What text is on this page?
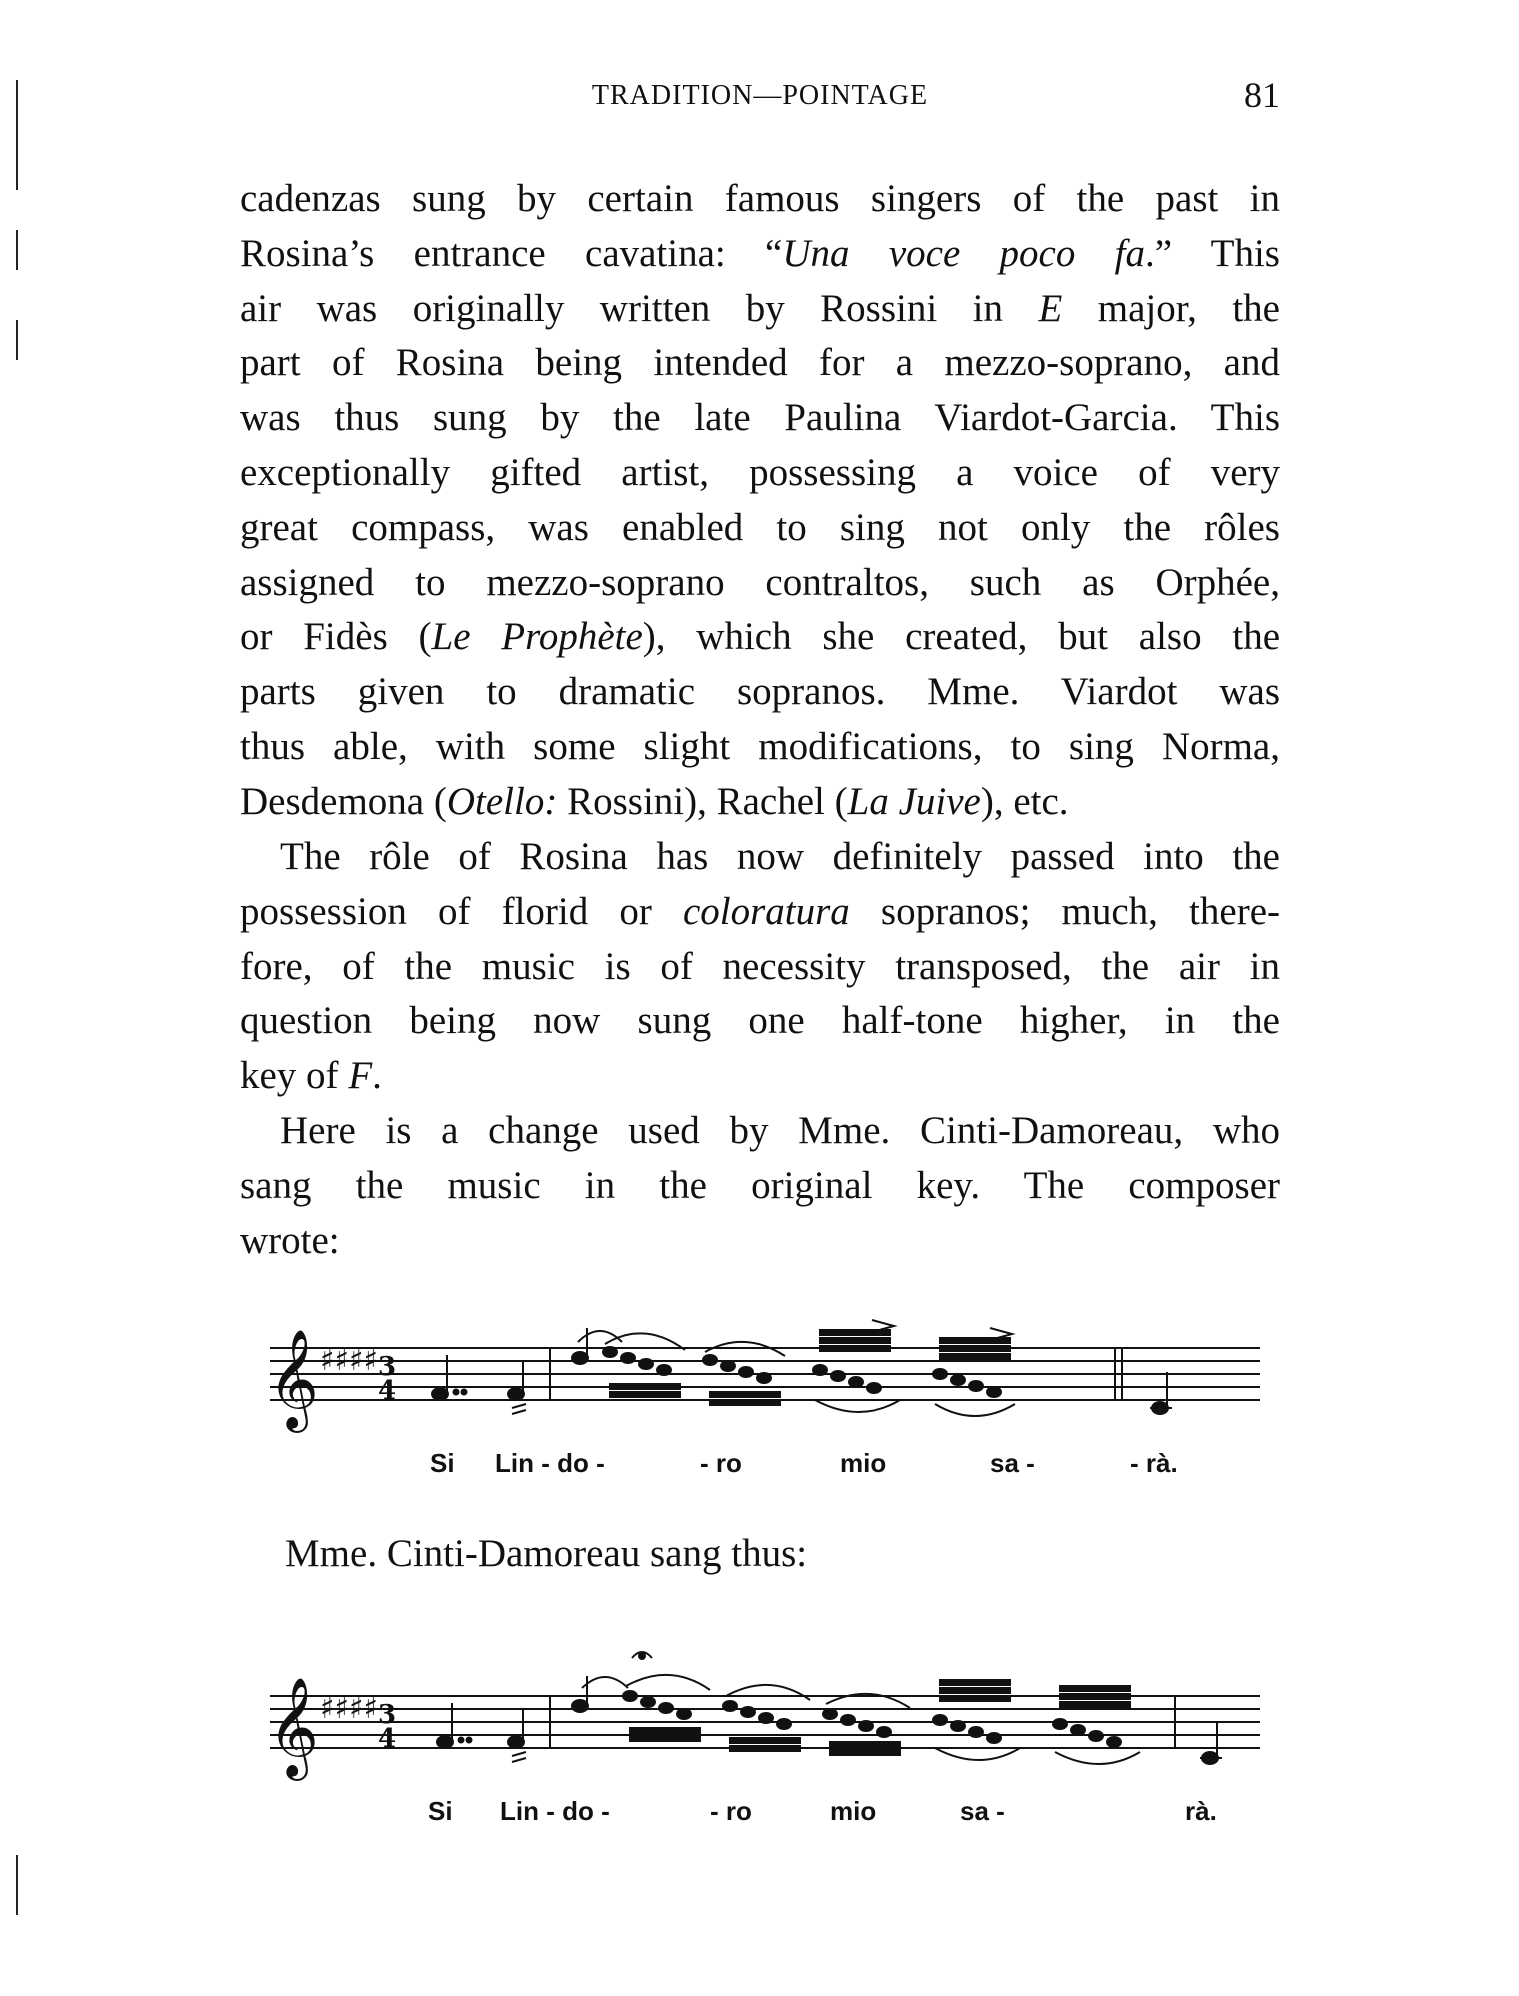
TRADITION—POINTAGE	81
cadenzas sung by certain famous singers of the past in
Rosina’s entrance cavatina: “Una voce poco fa.” This
air was originally written by Rossini in E major, the
part of Rosina being intended for a mezzo-soprano, and
was thus sung by the late Paulina Viardot-Garcia. This
exceptionally gifted artist, possessing a voice of very
great compass, was enabled to sing not only the rôles
assigned to mezzo-soprano contraltos, such as Orphée,
or Fidès (Le Prophète), which she created, but also the
parts given to dramatic sopranos. Mme. Viardot was
thus able, with some slight modifications, to sing Norma,
Desdemona (Otello: Rossini), Rachel (La Juive), etc.
The rôle of Rosina has now definitely passed into the
possession of florid or coloratura sopranos; much, there-
fore, of the music is of necessity transposed, the air in
question being now sung one half-tone higher, in the
key of F.
Here is a change used by Mme. Cinti-Damoreau, who
sang the music in the original key. The composer
wrote:
𝄞 ♯♯♯♯ 3
4
Si Lin - do -	- ro	mio	sa -	- rà.

Mme. Cinti-Damoreau sang thus:

𝄞 ♯♯♯♯ 3
4
Si Lin - do -	- ro	mio	sa -	rà.
